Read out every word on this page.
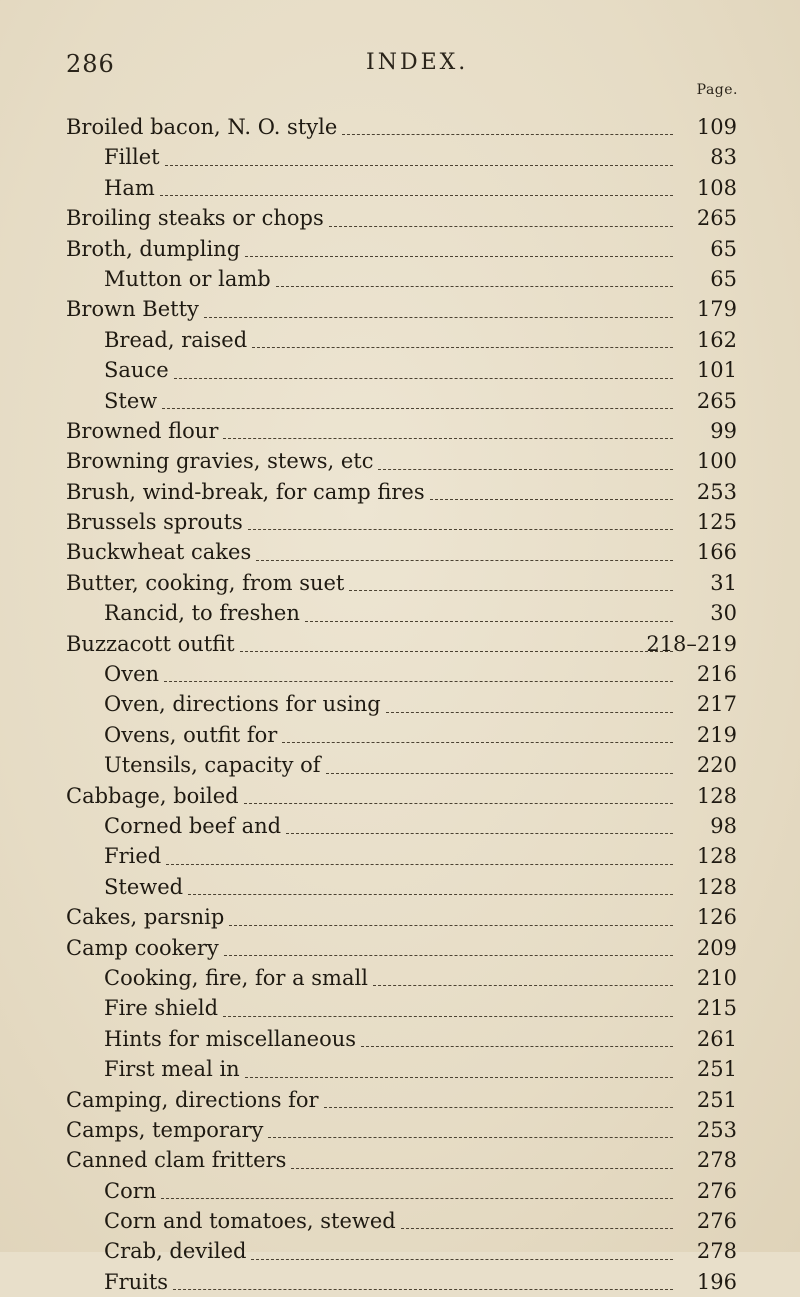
286	INDEX.
Page.
Broiled bacon, N. O. style	109
Fillet	83
Ham	108
Broiling steaks or chops	265
Broth, dumpling	65
Mutton or lamb	65
Brown Betty	179
Bread, raised	162
Sauce	101
Stew	265
Browned flour	99
Browning gravies, stews, etc	100
Brush, wind-break, for camp fires	253
Brussels sprouts	125
Buckwheat cakes	166
Butter, cooking, from suet	31
Rancid, to freshen	30
Buzzacott outfit	218–219
Oven	216
Oven, directions for using	217
Ovens, outfit for	219
Utensils, capacity of	220
Cabbage, boiled	128
Corned beef and	98
Fried	128
Stewed	128
Cakes, parsnip	126
Camp cookery	209
Cooking, fire, for a small	210
Fire shield	215
Hints for miscellaneous	261
First meal in	251
Camping, directions for	251
Camps, temporary	253
Canned clam fritters	278
Corn	276
Corn and tomatoes, stewed	276
Crab, deviled	278
Fruits	196
